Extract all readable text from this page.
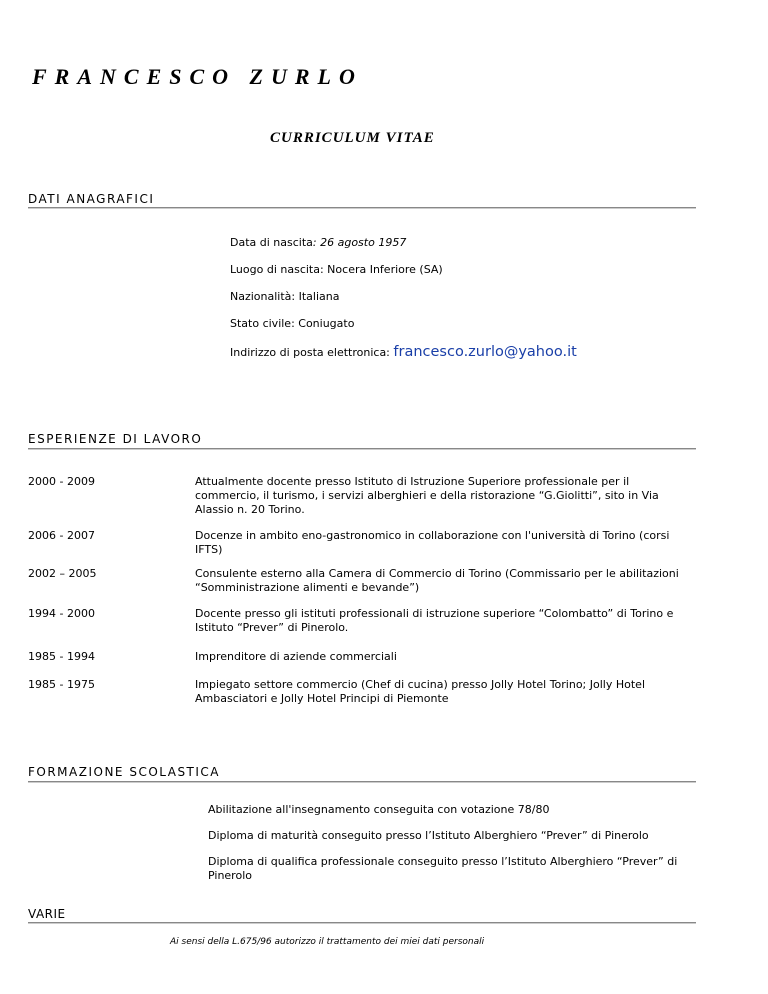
FRANCESCO ZURLO
CURRICULUM VITAE
DATI ANAGRAFICI
Data di nascita: 26 agosto 1957
Luogo di nascita: Nocera Inferiore (SA)
Nazionalità: Italiana
Stato civile: Coniugato
Indirizzo di posta elettronica: francesco.zurlo@yahoo.it
ESPERIENZE DI LAVORO
2000 - 2009	Attualmente docente presso Istituto di Istruzione Superiore professionale per il commercio, il turismo, i servizi alberghieri e della ristorazione “G.Giolitti”, sito in Via Alassio n. 20 Torino.
2006 - 2007	Docenze in ambito eno-gastronomico in collaborazione con l'università di Torino (corsi IFTS)
2002 – 2005	Consulente esterno alla Camera di Commercio di Torino (Commissario per le abilitazioni “Somministrazione alimenti e bevande”)
1994 - 2000	Docente presso gli istituti professionali di istruzione superiore “Colombatto” di Torino e Istituto “Prever” di Pinerolo.
1985 - 1994	Imprenditore di aziende commerciali
1985 - 1975	Impiegato settore commercio (Chef di cucina) presso Jolly Hotel Torino; Jolly Hotel Ambasciatori e Jolly Hotel Principi di Piemonte
FORMAZIONE SCOLASTICA
Abilitazione all'insegnamento conseguita con votazione 78/80
Diploma di maturità conseguito presso l’Istituto Alberghiero “Prever” di Pinerolo
Diploma di qualifica professionale conseguito presso l’Istituto Alberghiero “Prever” di Pinerolo
VARIE
Ai sensi della L.675/96 autorizzo il trattamento dei miei dati personali
